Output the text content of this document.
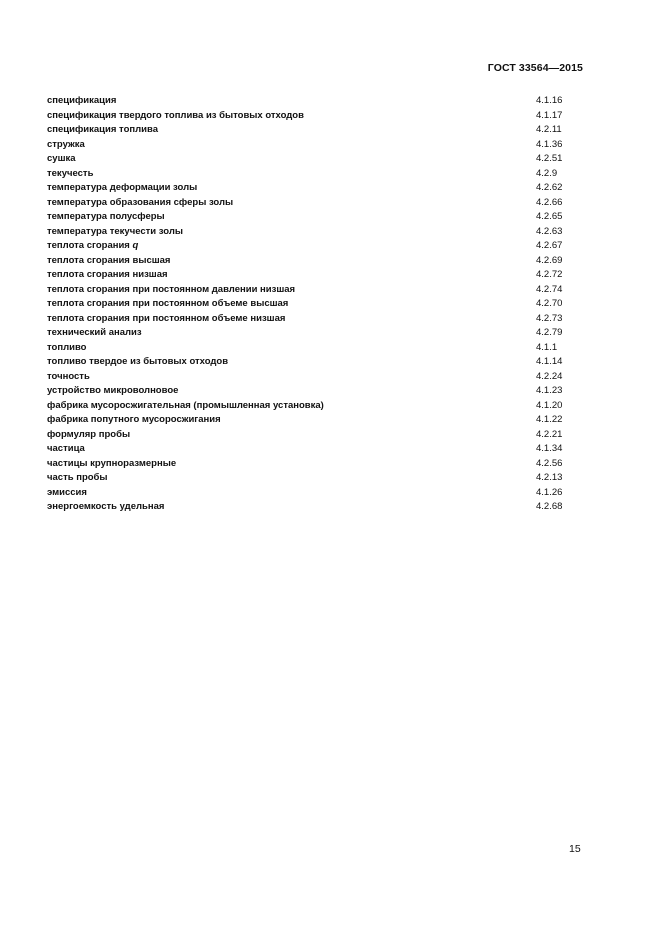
ГОСТ 33564—2015
спецификация	4.1.16
спецификация твердого топлива из бытовых отходов	4.1.17
спецификация топлива	4.2.11
стружка	4.1.36
сушка	4.2.51
текучесть	4.2.9
температура деформации золы	4.2.62
температура образования сферы золы	4.2.66
температура полусферы	4.2.65
температура текучести золы	4.2.63
теплота сгорания q	4.2.67
теплота сгорания высшая	4.2.69
теплота сгорания низшая	4.2.72
теплота сгорания при постоянном давлении низшая	4.2.74
теплота сгорания при постоянном объеме высшая	4.2.70
теплота сгорания при постоянном объеме низшая	4.2.73
технический анализ	4.2.79
топливо	4.1.1
топливо твердое из бытовых отходов	4.1.14
точность	4.2.24
устройство микроволновое	4.1.23
фабрика мусоросжигательная (промышленная установка)	4.1.20
фабрика попутного мусоросжигания	4.1.22
формуляр пробы	4.2.21
частица	4.1.34
частицы крупноразмерные	4.2.56
часть пробы	4.2.13
эмиссия	4.1.26
энергоемкость удельная	4.2.68
15
